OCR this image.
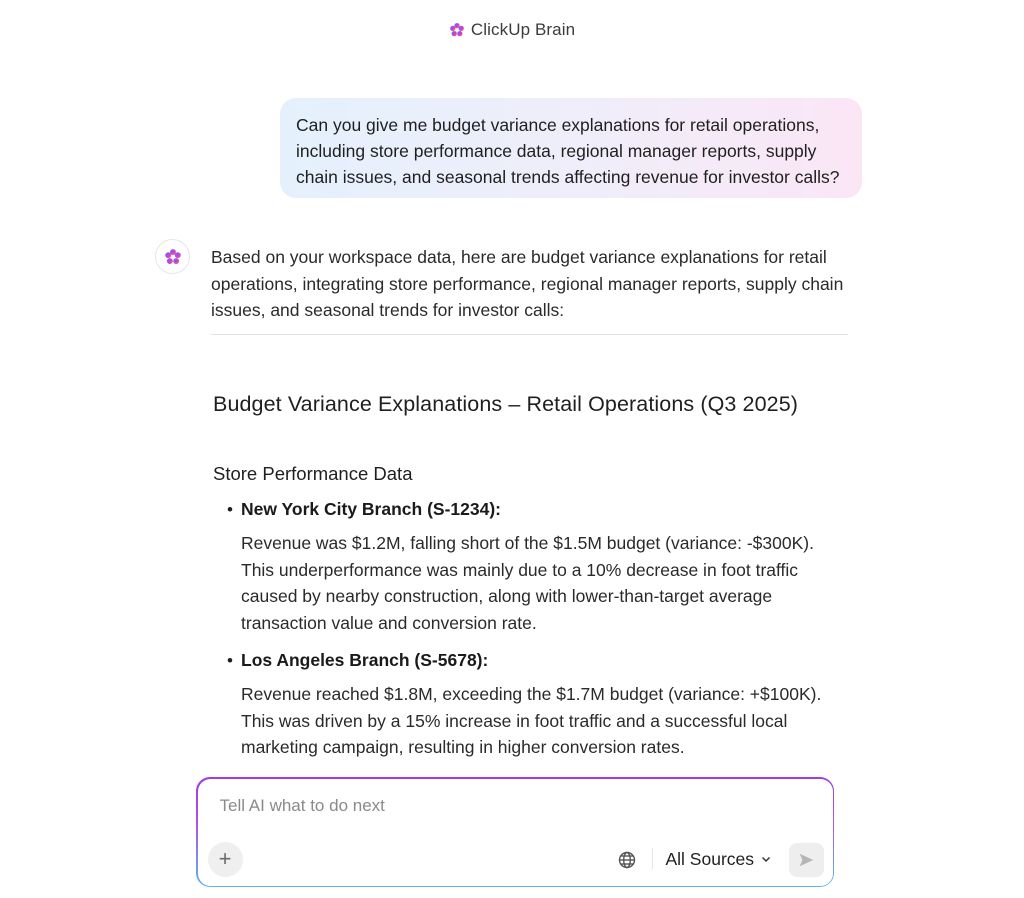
ClickUp Brain
Can you give me budget variance explanations for retail operations, including store performance data, regional manager reports, supply chain issues, and seasonal trends affecting revenue for investor calls?
Based on your workspace data, here are budget variance explanations for retail operations, integrating store performance, regional manager reports, supply chain issues, and seasonal trends for investor calls:
Budget Variance Explanations – Retail Operations (Q3 2025)
Store Performance Data
• New York City Branch (S-1234):
Revenue was $1.2M, falling short of the $1.5M budget (variance: -$300K). This underperformance was mainly due to a 10% decrease in foot traffic caused by nearby construction, along with lower-than-target average transaction value and conversion rate.
• Los Angeles Branch (S-5678):
Revenue reached $1.8M, exceeding the $1.7M budget (variance: +$100K). This was driven by a 15% increase in foot traffic and a successful local marketing campaign, resulting in higher conversion rates.
Tell AI what to do next
+	All Sources
